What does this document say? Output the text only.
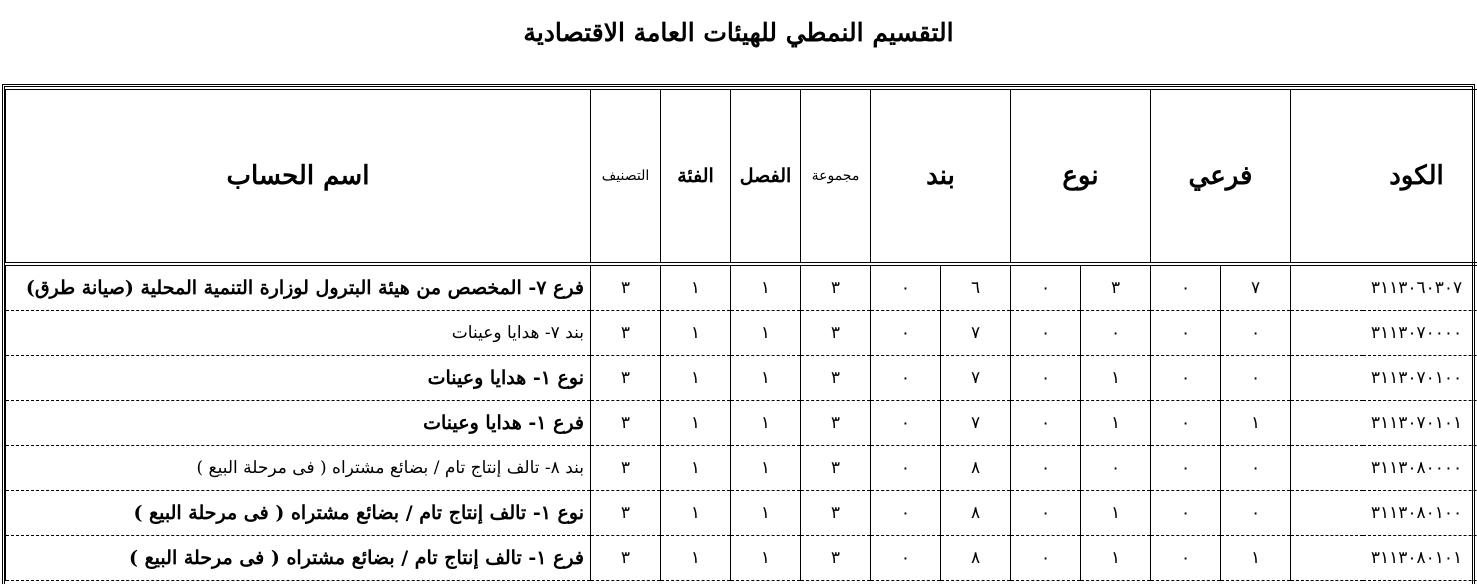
التقسيم النمطي للهيئات العامة الاقتصادية
اسم الحساب	التصنيف	الفئة	الفصل	مجموعة	بند		نوع		فرعي		الكود
فرع ٧- المخصص من هيئة البترول لوزارة التنمية المحلية (صيانة طرق)	٣	١	١	٣	٠	٦	٠	٣	٠	٧	٣١١٣٠٦٠٣٠٧
بند ٧- هدايا وعينات	٣	١	١	٣	٠	٧	٠	٠	٠	٠	٣١١٣٠٧٠٠٠٠
نوع ١- هدايا وعينات	٣	١	١	٣	٠	٧	٠	١	٠	٠	٣١١٣٠٧٠١٠٠
فرع ١- هدايا وعينات	٣	١	١	٣	٠	٧	٠	١	٠	١	٣١١٣٠٧٠١٠١
بند ٨- تالف إنتاج تام / بضائع مشتراه ( فى مرحلة البيع )	٣	١	١	٣	٠	٨	٠	٠	٠	٠	٣١١٣٠٨٠٠٠٠
نوع ١- تالف إنتاج تام / بضائع مشتراه ( فى مرحلة البيع )	٣	١	١	٣	٠	٨	٠	١	٠	٠	٣١١٣٠٨٠١٠٠
فرع ١- تالف إنتاج تام / بضائع مشتراه ( فى مرحلة البيع )	٣	١	١	٣	٠	٨	٠	١	٠	١	٣١١٣٠٨٠١٠١
